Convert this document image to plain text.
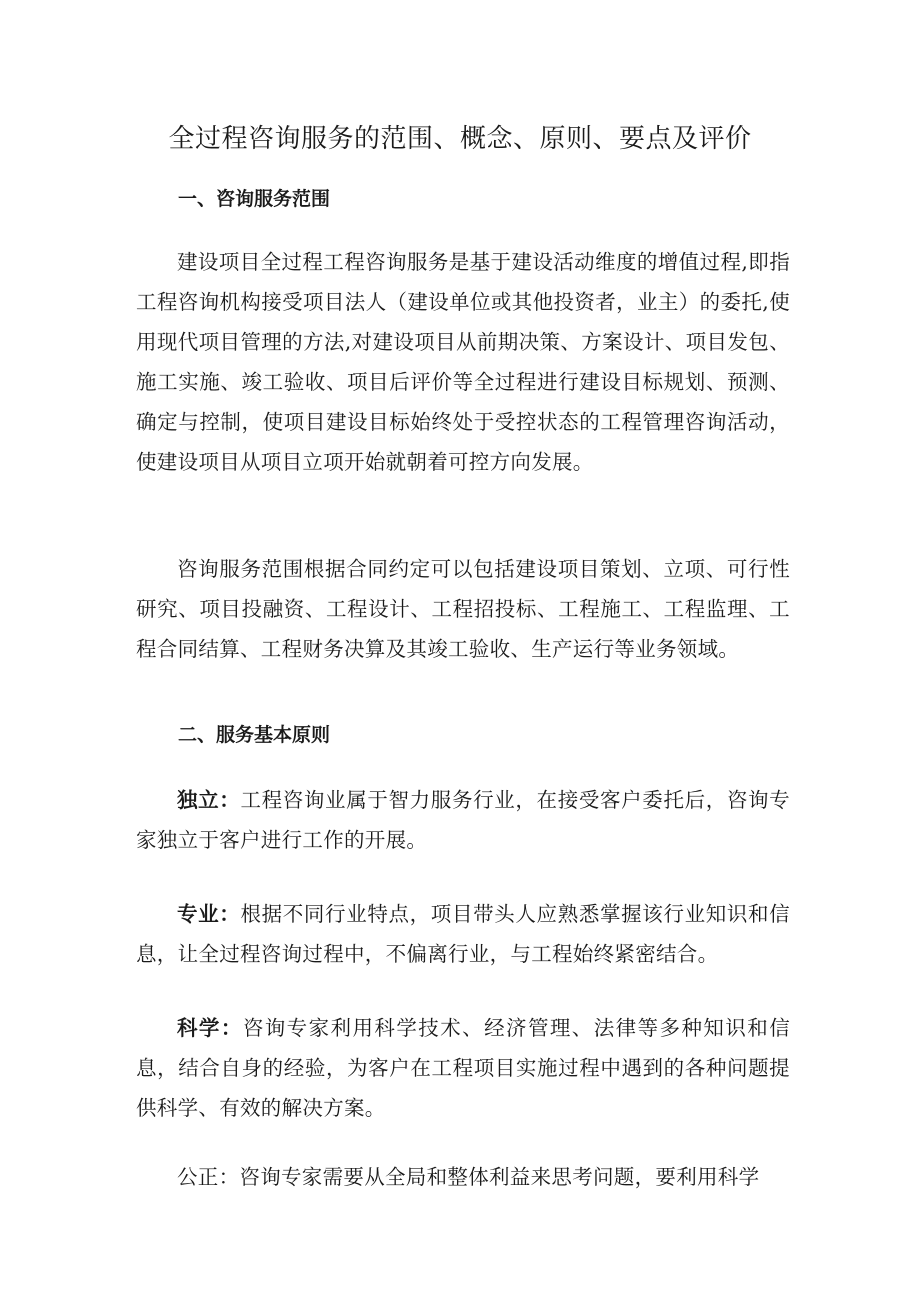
全过程咨询服务的范围、概念、原则、要点及评价
一、咨询服务范围

建设项目全过程工程咨询服务是基于建设活动维度的增值过程,即指工程咨询机构接受项目法人（建设单位或其他投资者，业主）的委托,使用现代项目管理的方法,对建设项目从前期决策、方案设计、项目发包、施工实施、竣工验收、项目后评价等全过程进行建设目标规划、预测、确定与控制，使项目建设目标始终处于受控状态的工程管理咨询活动，使建设项目从项目立项开始就朝着可控方向发展。

咨询服务范围根据合同约定可以包括建设项目策划、立项、可行性研究、项目投融资、工程设计、工程招投标、工程施工、工程监理、工程合同结算、工程财务决算及其竣工验收、生产运行等业务领域。

二、服务基本原则

独立：工程咨询业属于智力服务行业，在接受客户委托后，咨询专家独立于客户进行工作的开展。

专业：根据不同行业特点，项目带头人应熟悉掌握该行业知识和信息，让全过程咨询过程中，不偏离行业，与工程始终紧密结合。

科学：咨询专家利用科学技术、经济管理、法律等多种知识和信息，结合自身的经验，为客户在工程项目实施过程中遇到的各种问题提供科学、有效的解决方案。

公正：咨询专家需要从全局和整体利益来思考问题，要利用科学
